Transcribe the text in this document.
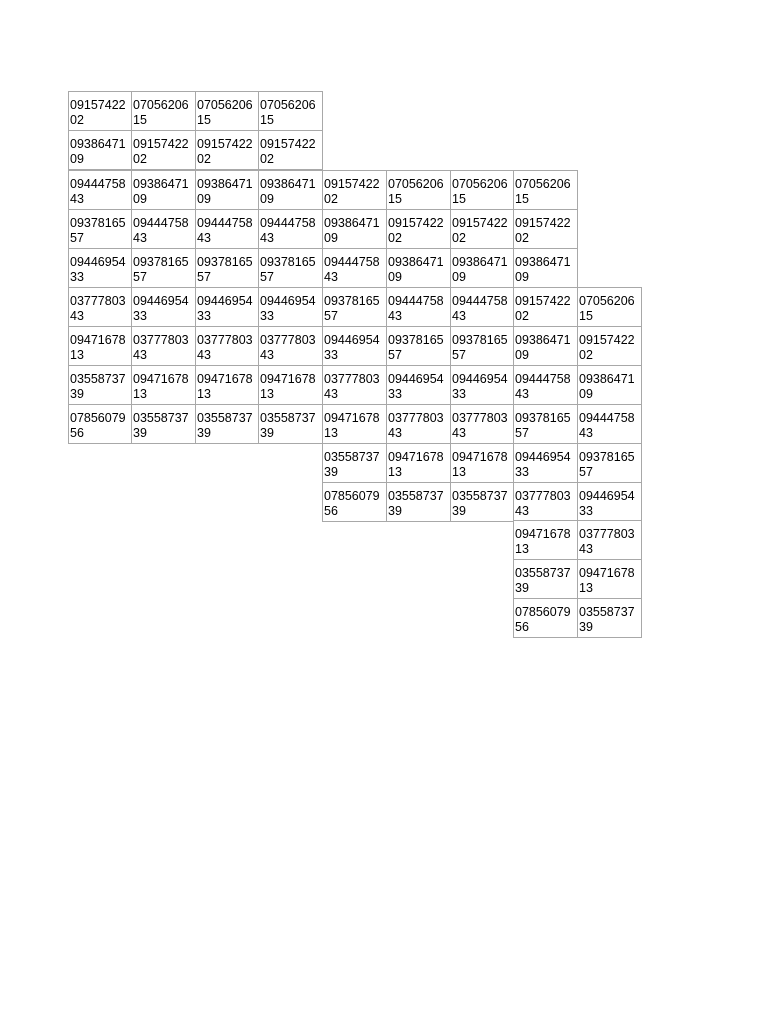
09157422
02
07056206
15
07056206
15
07056206
15
09386471
09
09157422
02
09157422
02
09157422
02
09444758
43
09386471
09
09386471
09
09386471
09
09378165
57
09444758
43
09444758
43
09444758
43
09446954
33
09378165
57
09378165
57
09378165
57
03777803
43
09446954
33
09446954
33
09446954
33
09471678
13
03777803
43
03777803
43
03777803
43
03558737
39
09471678
13
09471678
13
09471678
13
07856079
56
03558737
39
03558737
39
03558737
39
09157422
02
07056206
15
07056206
15
07056206
15
09386471
09
09157422
02
09157422
02
09157422
02
09444758
43
09386471
09
09386471
09
09386471
09
09378165
57
09444758
43
09444758
43
09157422
02
09446954
33
09378165
57
09378165
57
09386471
09
03777803
43
09446954
33
09446954
33
09444758
43
09471678
13
03777803
43
03777803
43
09378165
57
03558737
39
09471678
13
09471678
13
09446954
33
07856079
56
03558737
39
03558737
39
03777803
43
07056206
15
09157422
02
09386471
09
09444758
43
09378165
57
09446954
33
09471678
13
03777803
43
03558737
39
09471678
13
07856079
56
03558737
39
